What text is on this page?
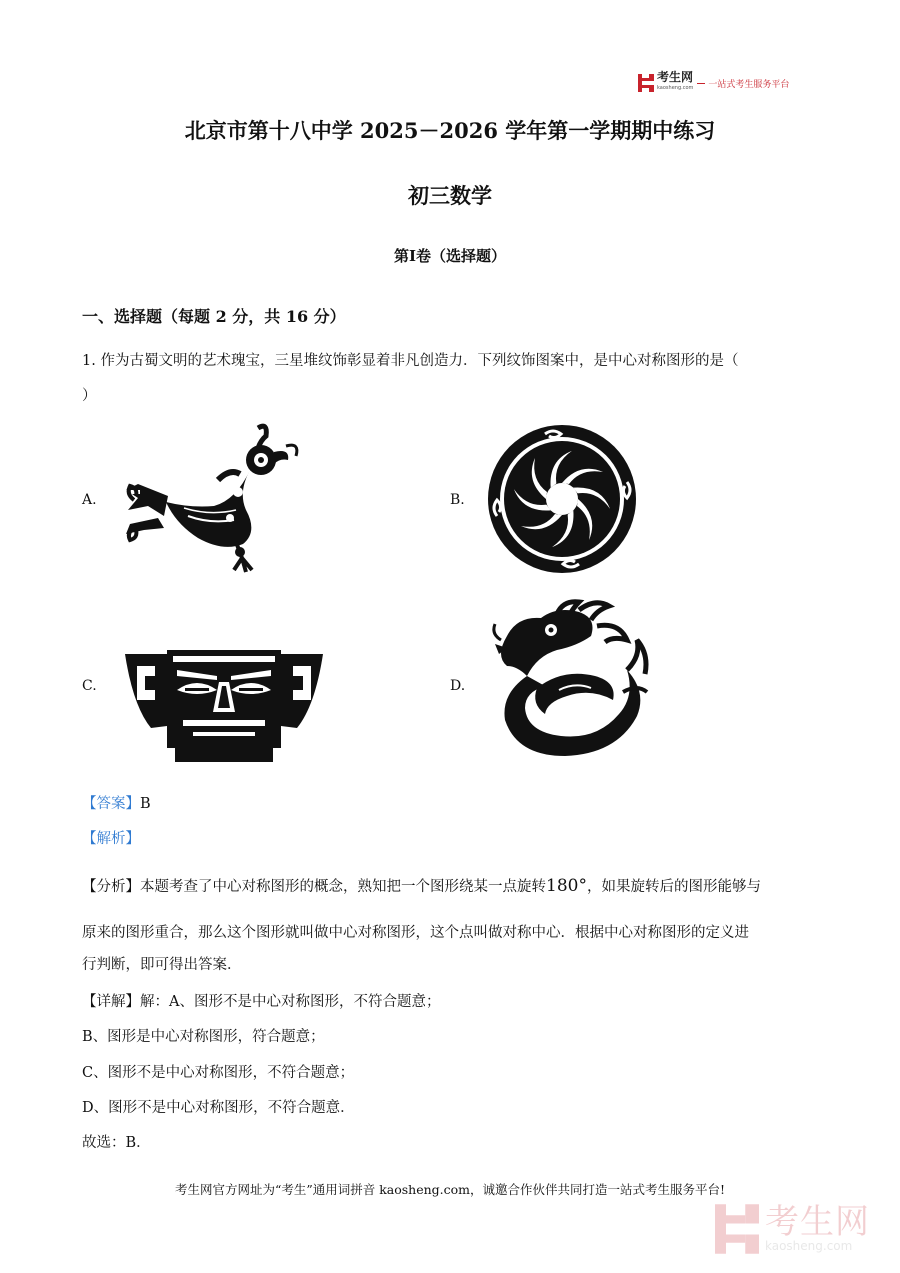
考生网
kaosheng.com 一站式考生服务平台
北京市第十八中学 2025－2026 学年第一学期期中练习
初三数学
第I卷（选择题）
一、选择题（每题 2 分，共 16 分）
1. 作为古蜀文明的艺术瑰宝，三星堆纹饰彰显着非凡创造力．下列纹饰图案中，是中心对称图形的是（
）
A.	B.
C.	D.
【答案】B
【解析】
【分析】本题考查了中心对称图形的概念，熟知把一个图形绕某一点旋转180°，如果旋转后的图形能够与
原来的图形重合，那么这个图形就叫做中心对称图形，这个点叫做对称中心．根据中心对称图形的定义进
行判断，即可得出答案．
【详解】解：A、图形不是中心对称图形，不符合题意；
B、图形是中心对称图形，符合题意；
C、图形不是中心对称图形，不符合题意；
D、图形不是中心对称图形，不符合题意．
故选：B．
考生网官方网址为“考生”通用词拼音 kaosheng.com，诚邀合作伙伴共同打造一站式考生服务平台!
考生网
kaosheng.com
